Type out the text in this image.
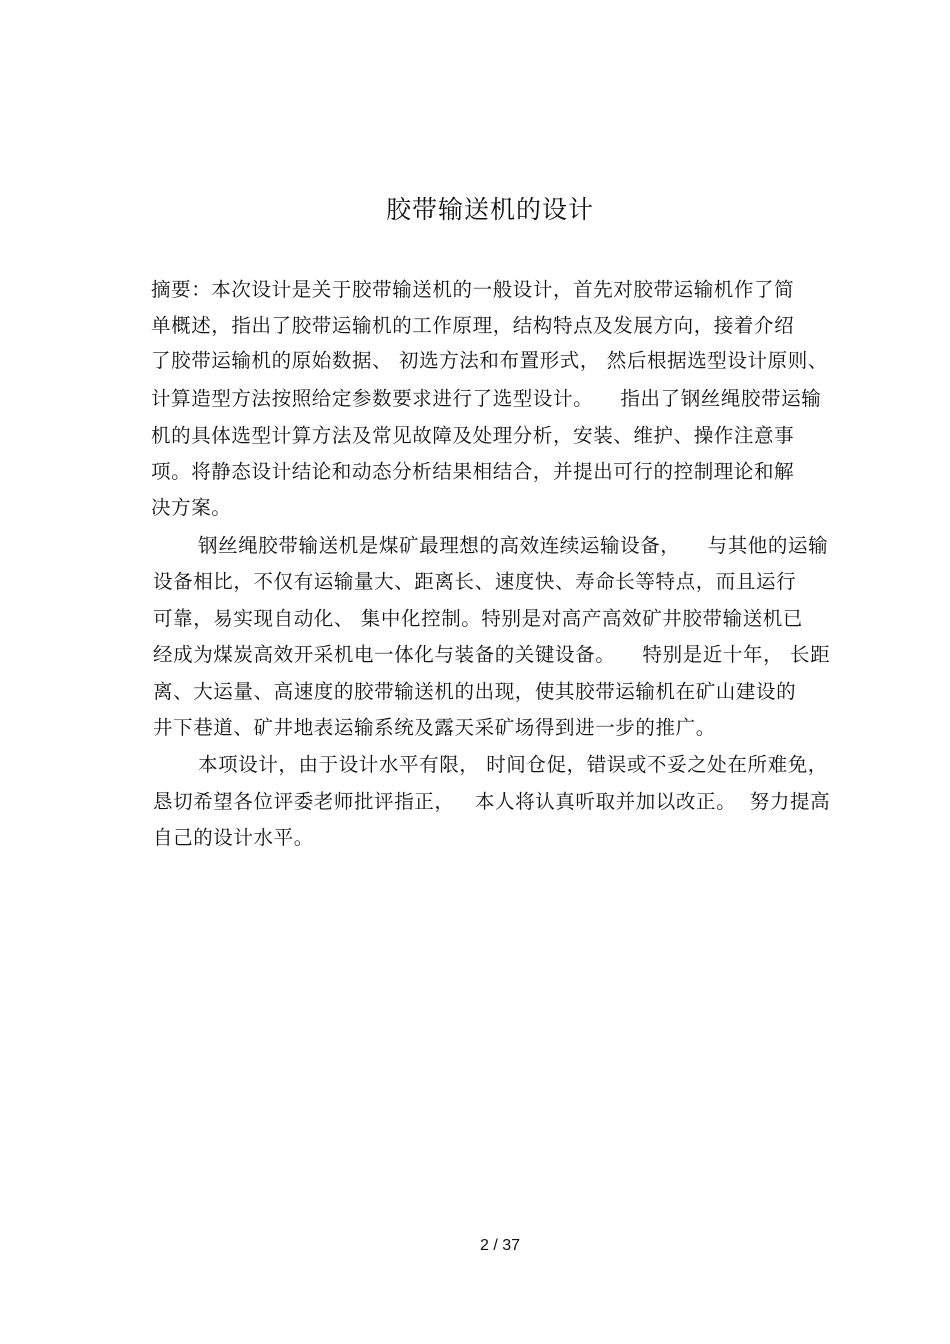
胶带输送机的设计
摘要：本次设计是关于胶带输送机的一般设计，首先对胶带运输机作了简
单概述，指出了胶带运输机的工作原理，结构特点及发展方向，接着介绍
了胶带运输机的原始数据、 初选方法和布置形式， 然后根据选型设计原则、
计算造型方法按照给定参数要求进行了选型设计。    指出了钢丝绳胶带运输
机的具体选型计算方法及常见故障及处理分析，安装、维护、操作注意事
项。将静态设计结论和动态分析结果相结合，并提出可行的控制理论和解
决方案。
钢丝绳胶带输送机是煤矿最理想的高效连续运输设备，    与其他的运输
设备相比，不仅有运输量大、距离长、速度快、寿命长等特点，而且运行
可靠，易实现自动化、 集中化控制。特别是对高产高效矿井胶带输送机已
经成为煤炭高效开采机电一体化与装备的关键设备。    特别是近十年， 长距
离、大运量、高速度的胶带输送机的出现，使其胶带运输机在矿山建设的
井下巷道、矿井地表运输系统及露天采矿场得到进一步的推广。
本项设计，由于设计水平有限， 时间仓促，错误或不妥之处在所难免，
恳切希望各位评委老师批评指正，   本人将认真听取并加以改正。  努力提高
自己的设计水平。
2 / 37
